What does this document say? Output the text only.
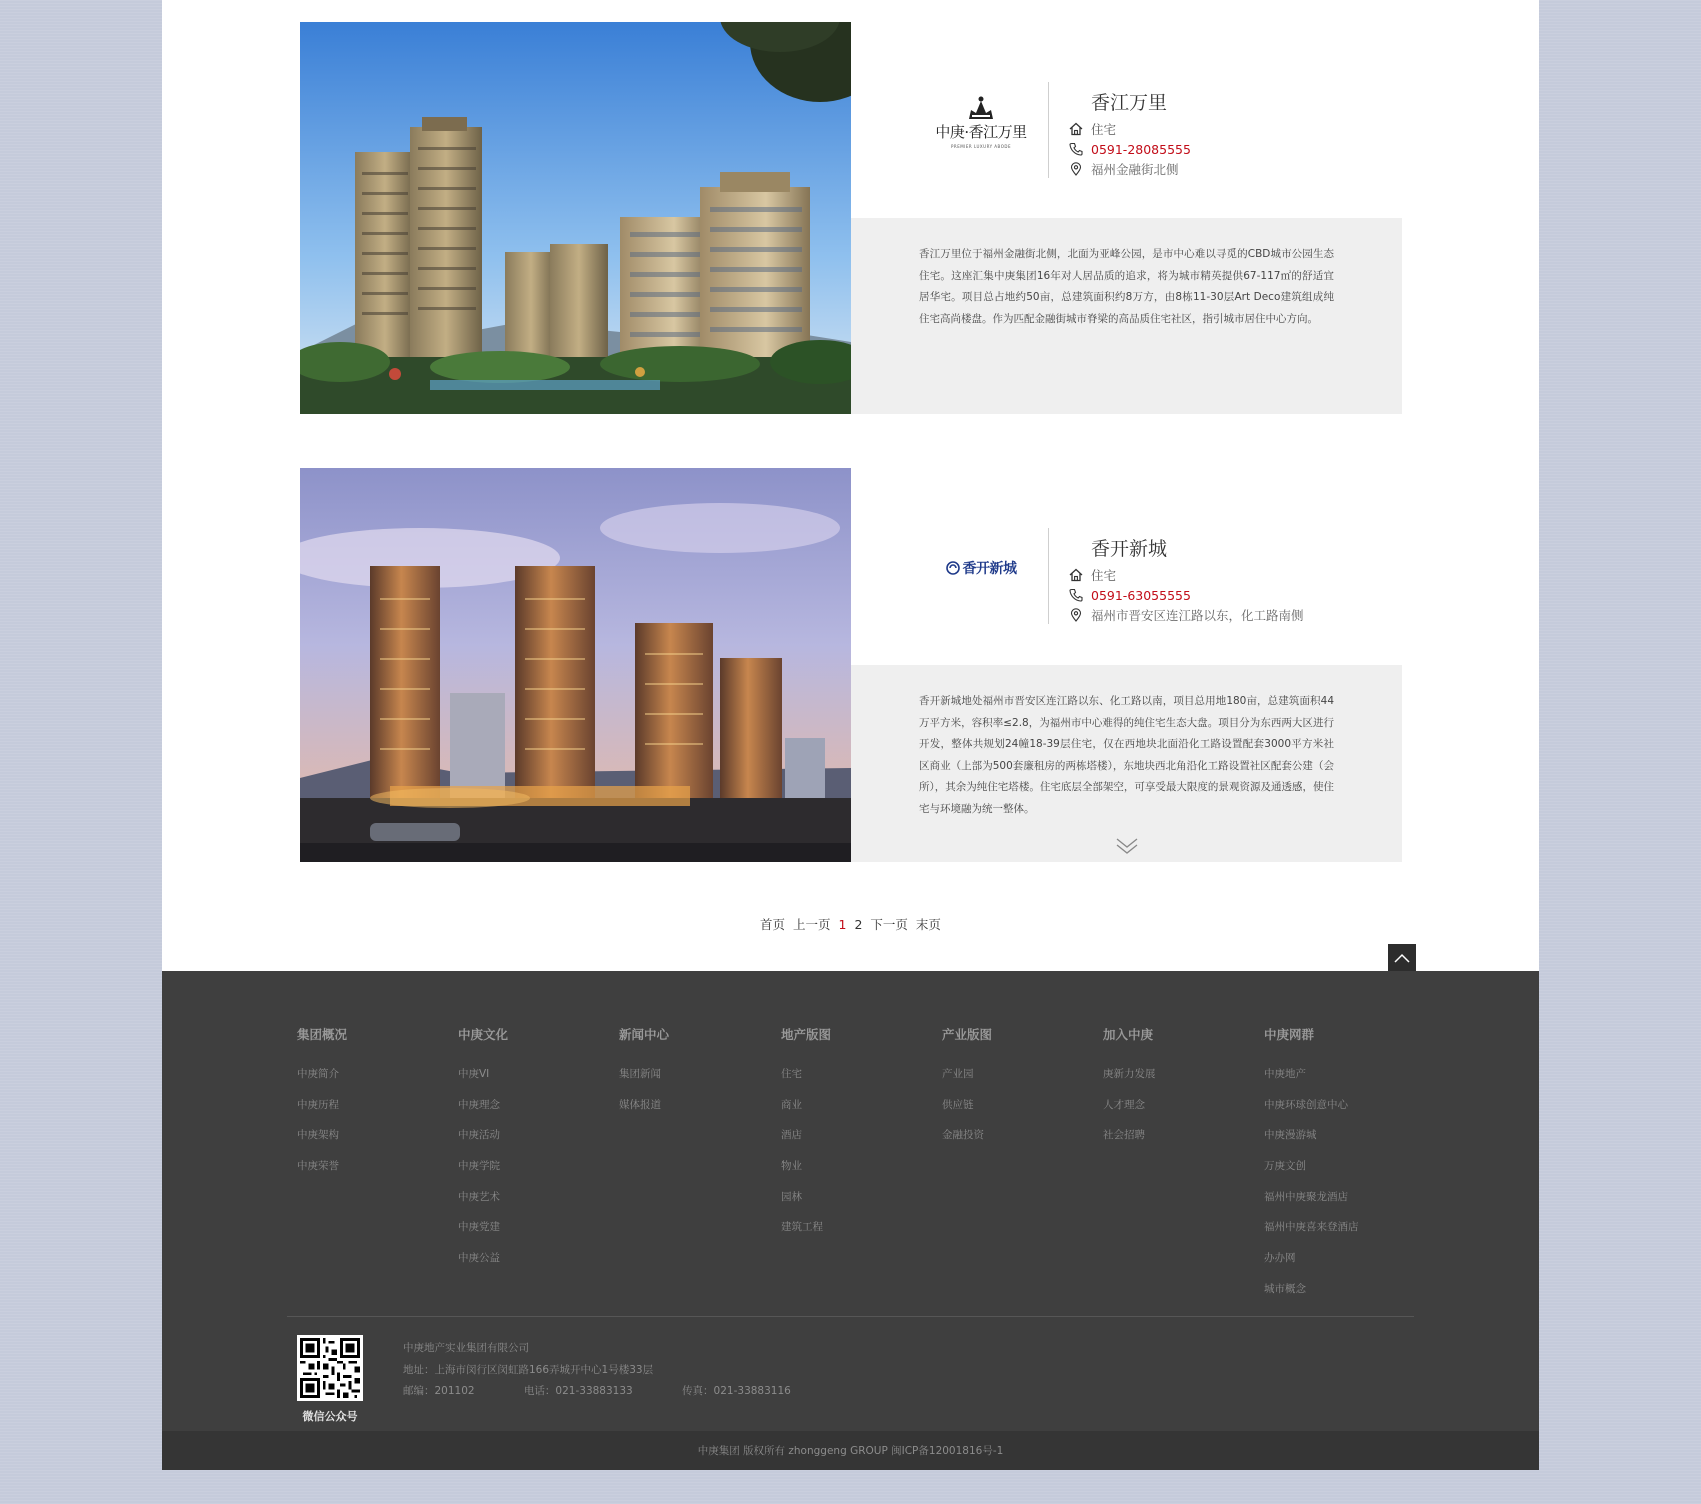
中庚·香江万里
PREMIER LUXURY ABODE
香江万里
住宅
0591-28085555
福州金融街北侧

香江万里位于福州金融街北侧，北面为亚峰公园，是市中心难以寻觅的CBD城市公园生态住宅。这座汇集中庚集团16年对人居品质的追求，将为城市精英提供67-117㎡的舒适宜居华宅。项目总占地约50亩，总建筑面积约8万方，由8栋11-30层Art Deco建筑组成纯住宅高尚楼盘。作为匹配金融街城市脊梁的高品质住宅社区，指引城市居住中心方向。

香开新城
香开新城
住宅
0591-63055555
福州市晋安区连江路以东，化工路南侧

香开新城地处福州市晋安区连江路以东、化工路以南，项目总用地180亩，总建筑面积44万平方米，容积率≤2.8，为福州市中心难得的纯住宅生态大盘。项目分为东西两大区进行开发，整体共规划24幢18-39层住宅，仅在西地块北面沿化工路设置配套3000平方米社区商业（上部为500套廉租房的两栋塔楼），东地块西北角沿化工路设置社区配套公建（会所），其余为纯住宅塔楼。住宅底层全部架空，可享受最大限度的景观资源及通透感，使住宅与环境融为统一整体。

首页 上一页 1 2 下一页 末页
集团概况
中庚简介
中庚历程
中庚架构
中庚荣誉
中庚文化
中庚VI
中庚理念
中庚活动
中庚学院
中庚艺术
中庚党建
中庚公益
新闻中心
集团新闻
媒体报道
地产版图
住宅
商业
酒店
物业
园林
建筑工程
产业版图
产业园
供应链
金融投资
加入中庚
庚新力发展
人才理念
社会招聘
中庚网群
中庚地产
中庚环球创意中心
中庚漫游城
万庚文创
福州中庚聚龙酒店
福州中庚喜来登酒店
办办网
城市概念
微信公众号
中庚地产实业集团有限公司
地址：上海市闵行区闵虹路166弄城开中心1号楼33层
邮编：201102	电话：021-33883133	传真：021-33883116
中庚集团 版权所有 zhonggeng GROUP 闽ICP备12001816号-1
